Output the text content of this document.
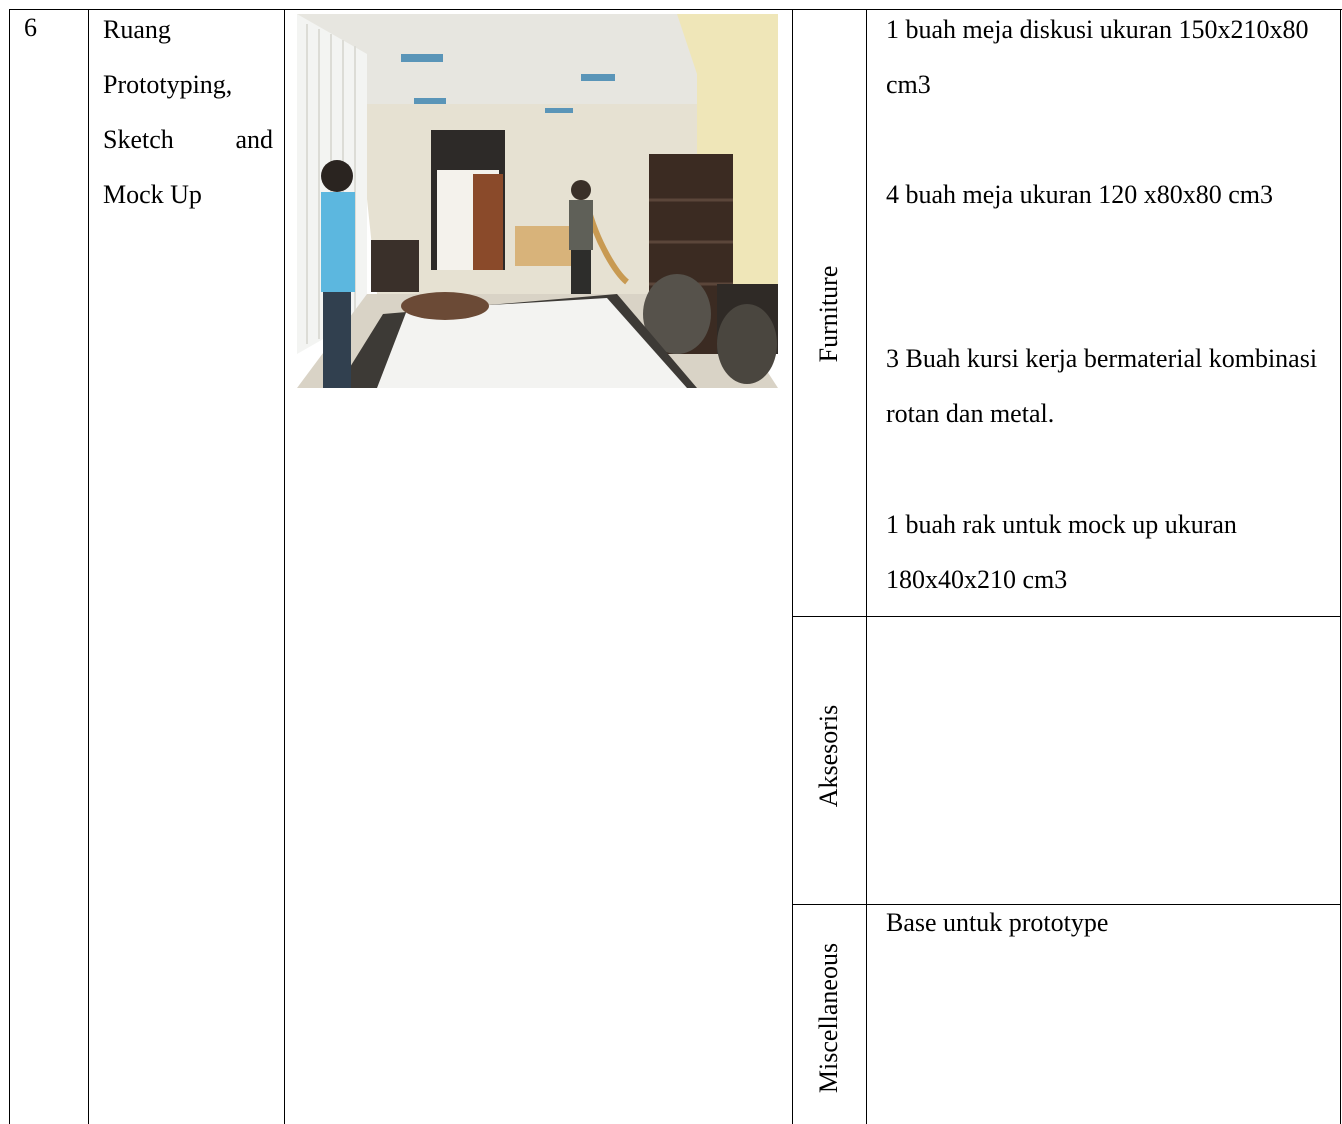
6	Ruang
Prototyping,
Sketch and
Mock Up
Furniture
Aksesoris
Miscellaneous
1 buah meja diskusi ukuran 150x210x80 cm3
4 buah meja ukuran 120 x80x80 cm3
3 Buah kursi kerja bermaterial kombinasi rotan dan metal.
1 buah rak untuk mock up ukuran 180x40x210 cm3
Base untuk prototype
